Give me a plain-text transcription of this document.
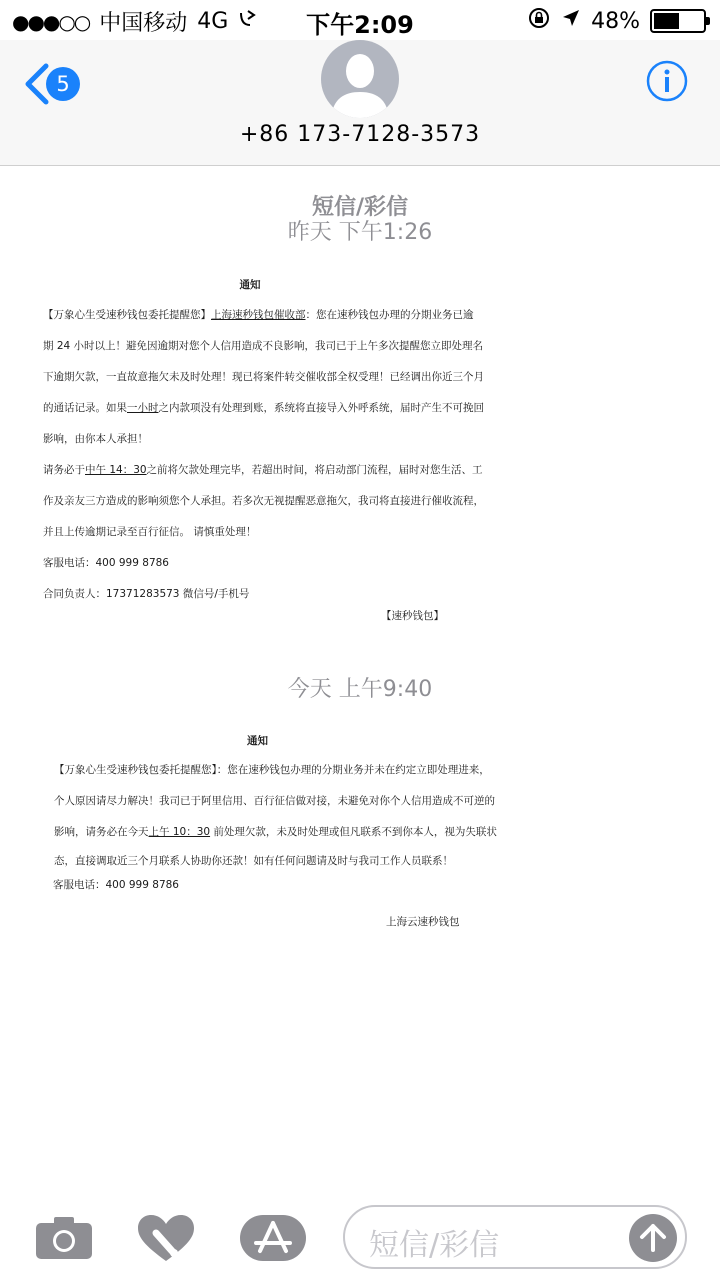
●●●○○ 中国移动 4G	下午2:09	48%
5
+86 173-7128-3573
短信/彩信
昨天 下午1:26
通知
【万象心生受速秒钱包委托提醒您】上海速秒钱包催收部：您在速秒钱包办理的分期业务已逾
期 24 小时以上！避免因逾期对您个人信用造成不良影响，我司已于上午多次提醒您立即处理名
下逾期欠款，一直故意拖欠未及时处理！现已将案件转交催收部全权受理！已经调出你近三个月
的通话记录。如果一小时之内款项没有处理到账，系统将直接导入外呼系统，届时产生不可挽回
影响，由你本人承担！
请务必于中午 14：30之前将欠款处理完毕，若超出时间，将启动部门流程，届时对您生活、工
作及亲友三方造成的影响须您个人承担。若多次无视提醒恶意拖欠，我司将直接进行催收流程，
并且上传逾期记录至百行征信。 请慎重处理！
客服电话：400 999 8786
合同负责人：17371283573 微信号/手机号
【速秒钱包】
今天 上午9:40
通知
【万象心生受速秒钱包委托提醒您】：您在速秒钱包办理的分期业务并未在约定立即处理进来，
个人原因请尽力解决！我司已于阿里信用、百行征信做对接，未避免对你个人信用造成不可逆的
影响，请务必在今天上午 10：30 前处理欠款，未及时处理或但凡联系不到你本人，视为失联状
态，直接调取近三个月联系人协助你还款！如有任何问题请及时与我司工作人员联系！
客服电话：400 999 8786
上海云速秒钱包
短信/彩信
